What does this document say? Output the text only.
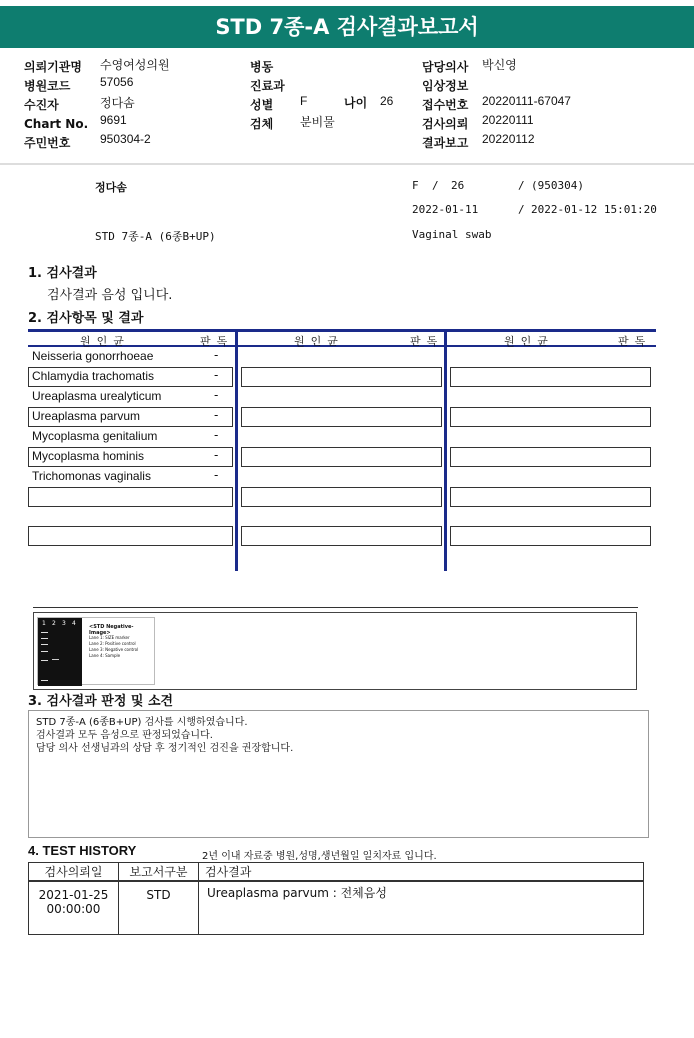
STD 7종-A 검사결과보고서
의뢰기관명 수영여성의원
병원코드 57056
수진자	정다솜
Chart No. 9691
주민번호 950304-2
병동
진료과
성별 F	나이 26
검체 분비물
담당의사 박신영
임상정보
접수번호 20220111-67047
검사의뢰 20220111
결과보고 20220112
정다솜	F / 26	/ (950304)
2022-01-11	/ 2022-01-12 15:01:20
STD 7종-A (6종B+UP)	Vaginal swab
1. 검사결과
검사결과 음성 입니다.
2. 검사항목 및 결과
원인균	판독	원인균	판독	원인균	판독
Neisseria gonorrhoeae	-
Chlamydia trachomatis	-
Ureaplasma urealyticum	-
Ureaplasma parvum	-
Mycoplasma genitalium	-
Mycoplasma hominis	-
Trichomonas vaginalis	-
1 2 3 4	<STD Negative-Image>
Lane 1: SIZE marker
Lane 2: Positive control
Lane 3: Negative control
Lane 4: Sample
3. 검사결과 판정 및 소견
STD 7종-A (6종B+UP) 검사를 시행하였습니다.
검사결과 모두 음성으로 판정되었습니다.
담당 의사 선생님과의 상담 후 정기적인 검진을 권장합니다.
4. TEST HISTORY	2년 이내 자료중 병원,성명,생년월일 일치자료 입니다.
검사의뢰일	보고서구분	검사결과

2021-01-25
00:00:00	STD	Ureaplasma parvum : 전체음성
